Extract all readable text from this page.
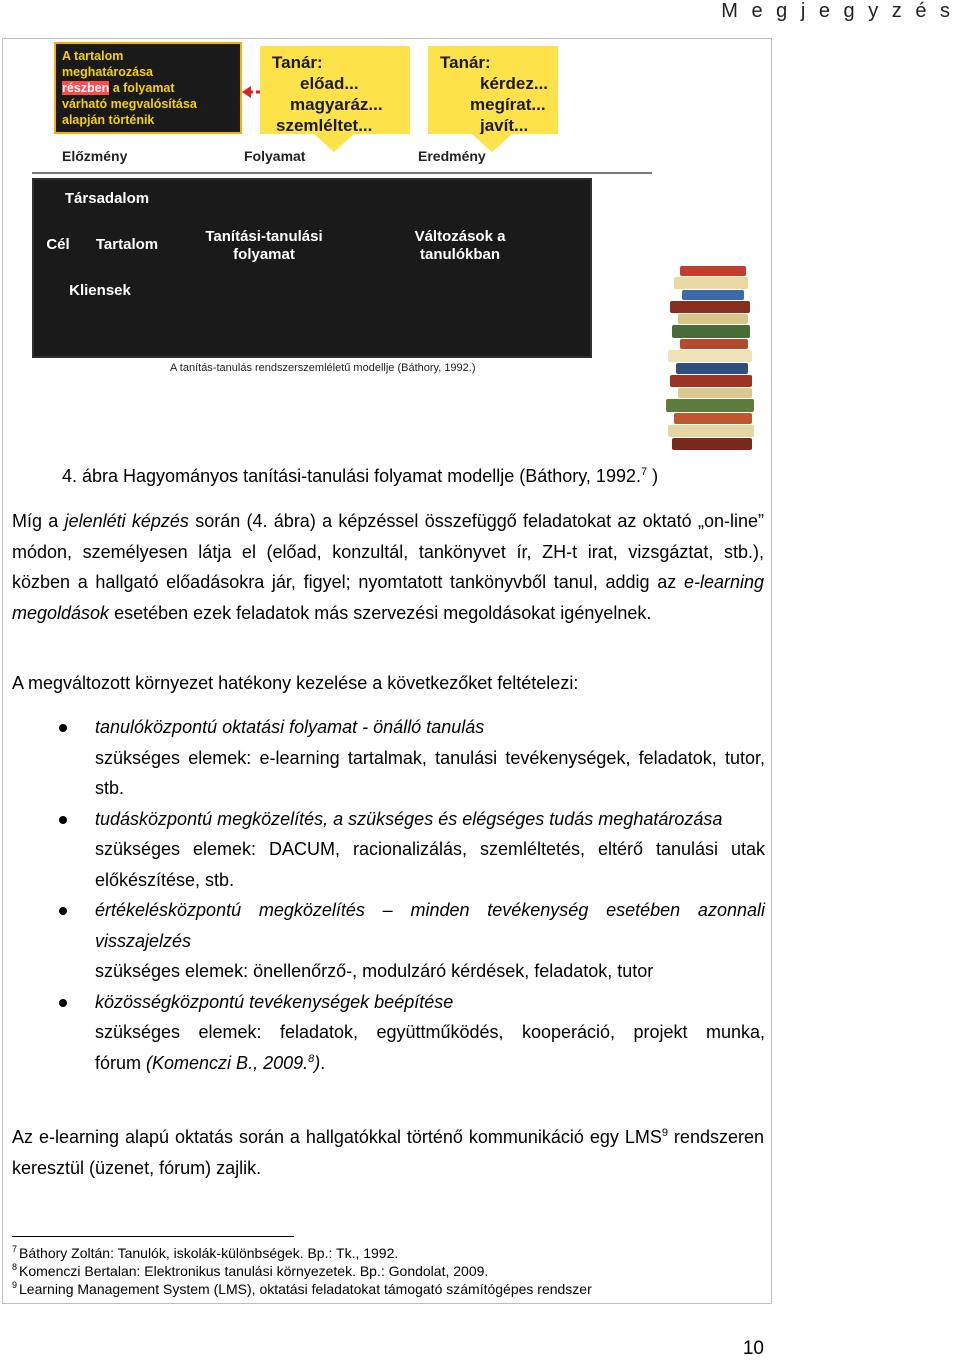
M e g j e g y z é s
A tartalom
meghatározása
részben a folyamat
várható megvalósítása
alapján történik
Tanár:
előad...
magyaráz...
szemléltet...
Tanár:
kérdez...
megírat...
javít...
Előzmény	Folyamat	Eredmény
Társadalom
Cél	Tartalom
Kliensek
Tanítási-tanulási folyamat
Változások a tanulókban
A tanítás-tanulás rendszerszemléletű modellje (Báthory, 1992.)
4. ábra Hagyományos tanítási-tanulási folyamat modellje (Báthory, 1992.$^7$ )
Míg a jelenléti képzés során (4. ábra) a képzéssel összefüggő feladatokat az oktató „on-line” módon, személyesen látja el (előad, konzultál, tankönyvet ír, ZH-t irat, vizsgáztat, stb.), közben a hallgató előadásokra jár, figyel; nyomtatott tankönyvből tanul, addig az e-learning megoldások esetében ezek feladatok más szervezési megoldásokat igényelnek.
A megváltozott környezet hatékony kezelése a következőket feltételezi:
tanulóközpontú oktatási folyamat - önálló tanulás
szükséges elemek: e-learning tartalmak, tanulási tevékenységek, feladatok, tutor, stb.
tudásközpontú megközelítés, a szükséges és elégséges tudás meghatározása
szükséges elemek: DACUM, racionalizálás, szemléltetés, eltérő tanulási utak előkészítése, stb.
értékelésközpontú megközelítés – minden tevékenység esetében azonnali visszajelzés
szükséges elemek: önellenőrző-, modulzáró kérdések, feladatok, tutor
közösségközpontú tevékenységek beépítése
szükséges elemek: feladatok, együttműködés, kooperáció, projekt munka, fórum (Komenczi B., 2009.$^8$).
Az e-learning alapú oktatás során a hallgatókkal történő kommunikáció egy LMS$^9$ rendszeren keresztül (üzenet, fórum) zajlik.
$^7$ Báthory Zoltán: Tanulók, iskolák-különbségek. Bp.: Tk., 1992.
$^8$ Komenczi Bertalan: Elektronikus tanulási környezetek. Bp.: Gondolat, 2009.
$^9$ Learning Management System (LMS), oktatási feladatokat támogató számítógépes rendszer
10
